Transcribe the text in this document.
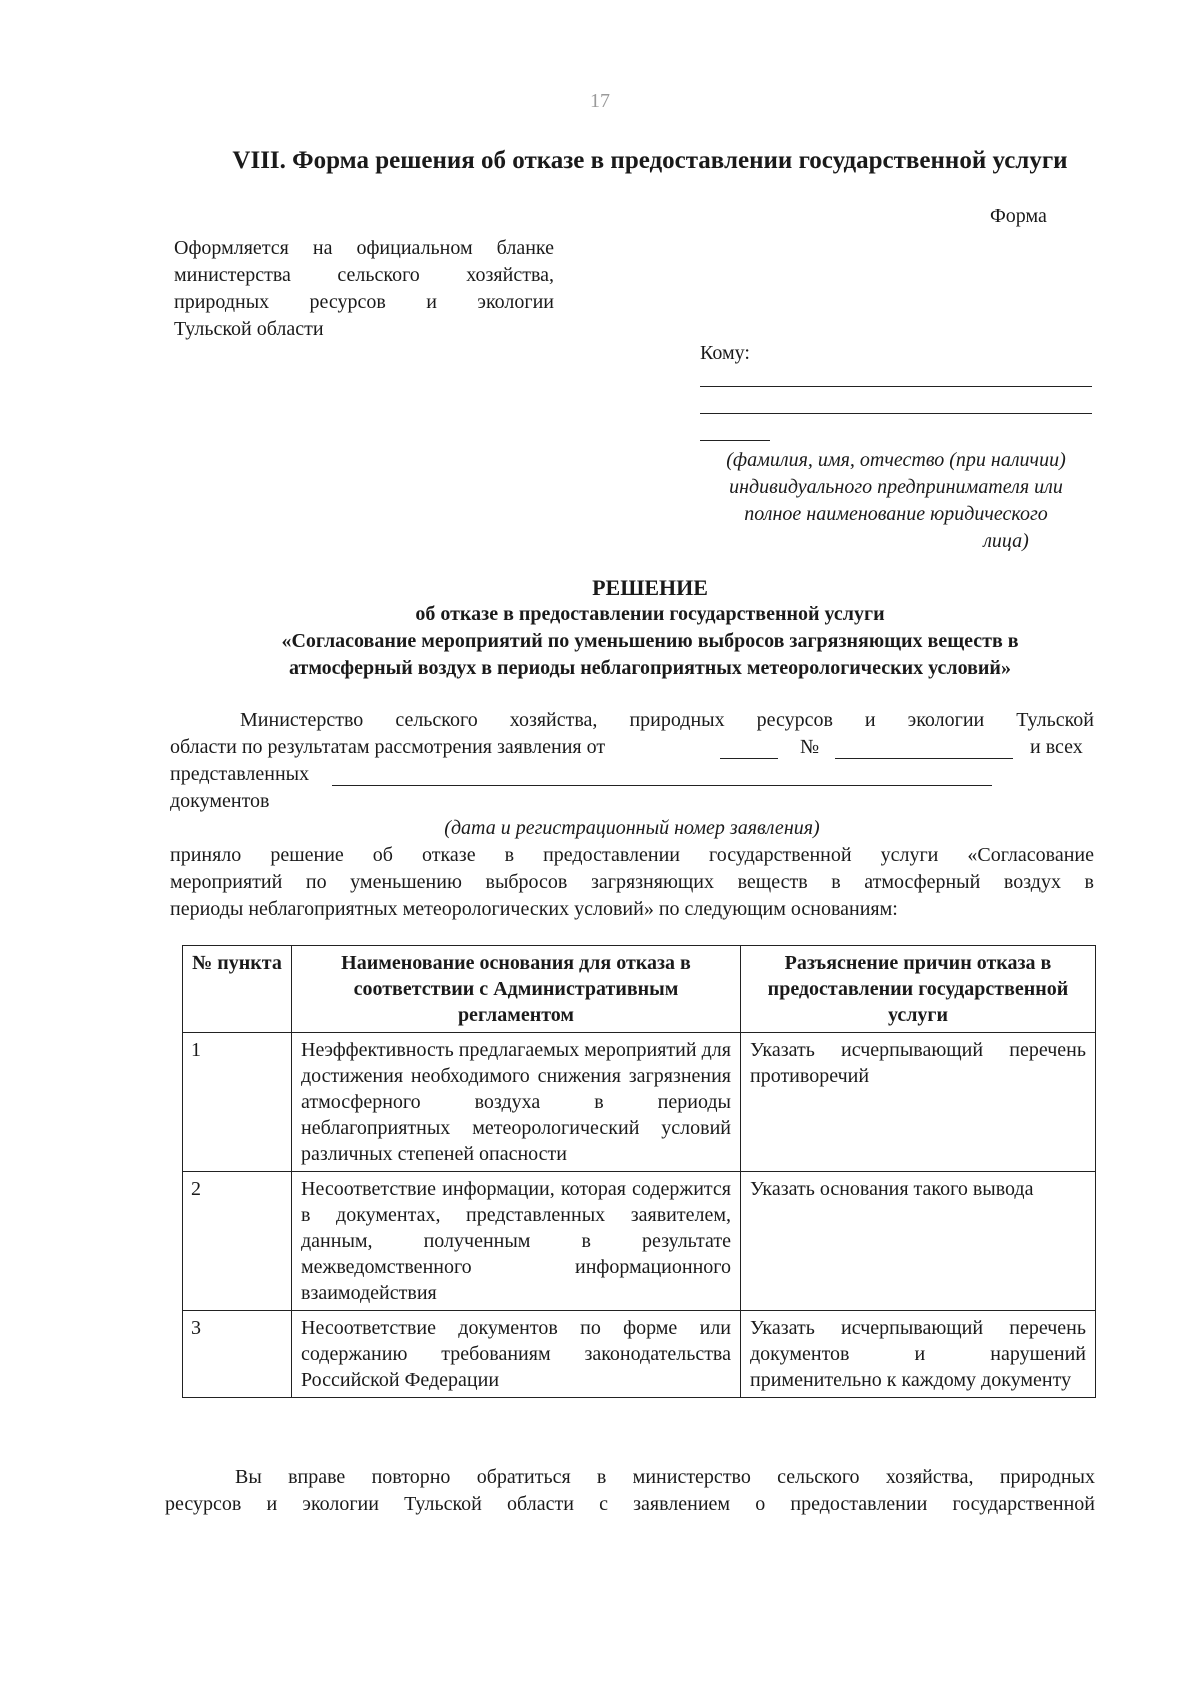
17
VIII. Форма решения об отказе в предоставлении государственной услуги
Форма
Оформляется на официальном бланке
министерства сельского хозяйства,
природных ресурсов и экологии
Тульской области
Кому:
(фамилия, имя, отчество (при наличии)
индивидуального предпринимателя или
полное наименование юридического
лица)
РЕШЕНИЕ
об отказе в предоставлении государственной услуги
«Согласование мероприятий по уменьшению выбросов загрязняющих веществ в
атмосферный воздух в периоды неблагоприятных метеорологических условий»
Министерство сельского хозяйства, природных ресурсов и экологии Тульской
области по результатам рассмотрения заявления от	№	и всех
представленных
документов
(дата и регистрационный номер заявления)
приняло решение об отказе в предоставлении государственной услуги «Согласование
мероприятий по уменьшению выбросов загрязняющих веществ в атмосферный воздух в
периоды неблагоприятных метеорологических условий» по следующим основаниям:
№ пункта	Наименование основания для отказа в соответствии с Административным регламентом	Разъяснение причин отказа в предоставлении государственной услуги
1	Неэффективность предлагаемых мероприятий для достижения необходимого снижения загрязнения атмосферного воздуха в периоды неблагоприятных метеорологический условий различных степеней опасности	Указать исчерпывающий перечень противоречий
2	Несоответствие информации, которая содержится в документах, представленных заявителем, данным, полученным в результате межведомственного информационного взаимодействия	Указать основания такого вывода
3	Несоответствие документов по форме или содержанию требованиям законодательства Российской Федерации	Указать исчерпывающий перечень документов и нарушений применительно к каждому документу
Вы вправе повторно обратиться в министерство сельского хозяйства, природных
ресурсов и экологии Тульской области с заявлением о предоставлении государственной
